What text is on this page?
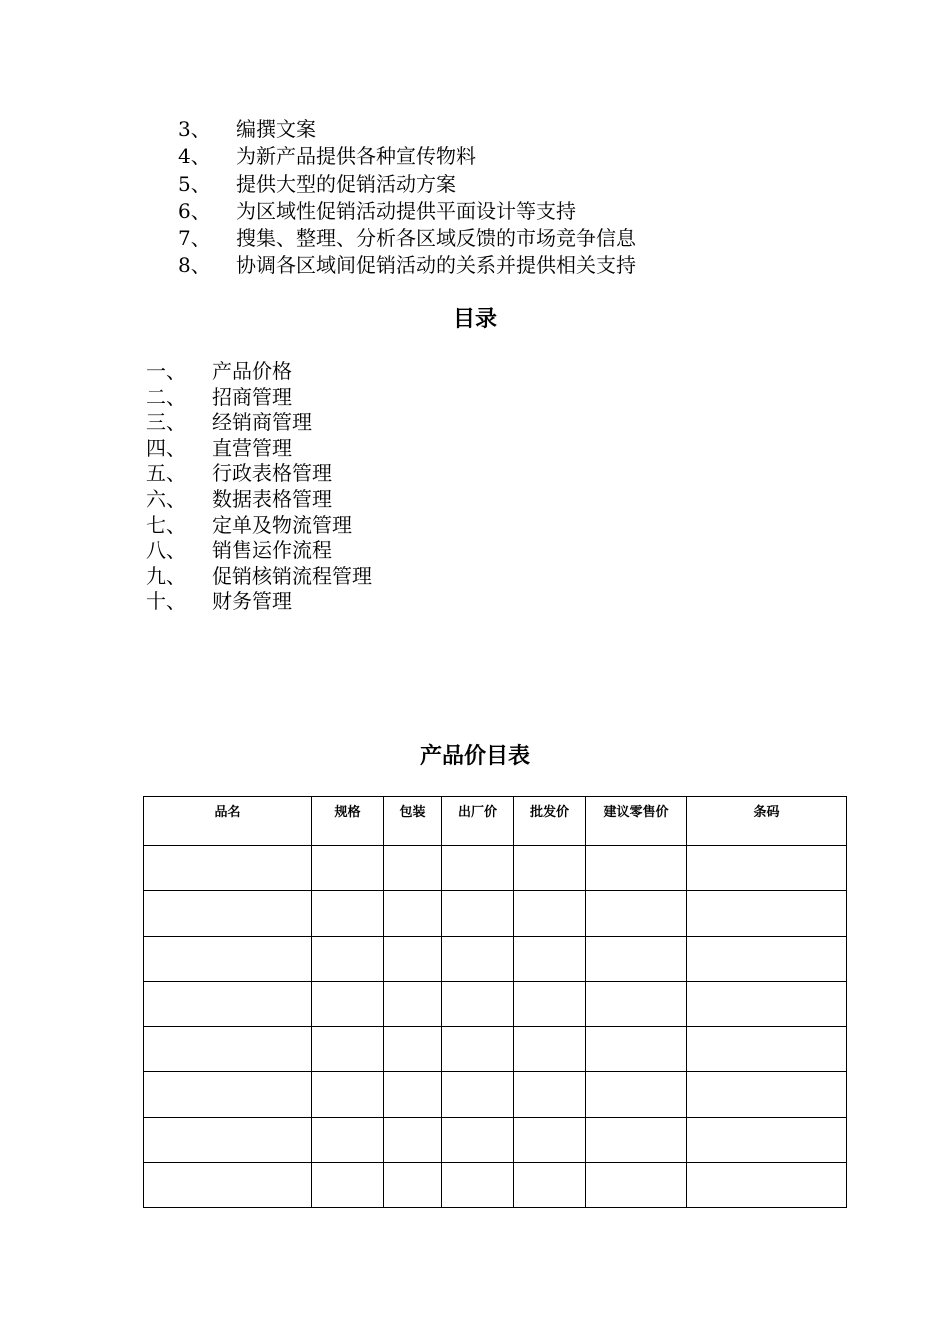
3、 编撰文案
4、 为新产品提供各种宣传物料
5、 提供大型的促销活动方案
6、 为区域性促销活动提供平面设计等支持
7、 搜集、整理、分析各区域反馈的市场竞争信息
8、 协调各区域间促销活动的关系并提供相关支持
目录
一、 产品价格
二、 招商管理
三、 经销商管理
四、 直营管理
五、 行政表格管理
六、 数据表格管理
七、 定单及物流管理
八、 销售运作流程
九、 促销核销流程管理
十、 财务管理
产品价目表
品名	规格	包装	出厂价	批发价	建议零售价	条码
